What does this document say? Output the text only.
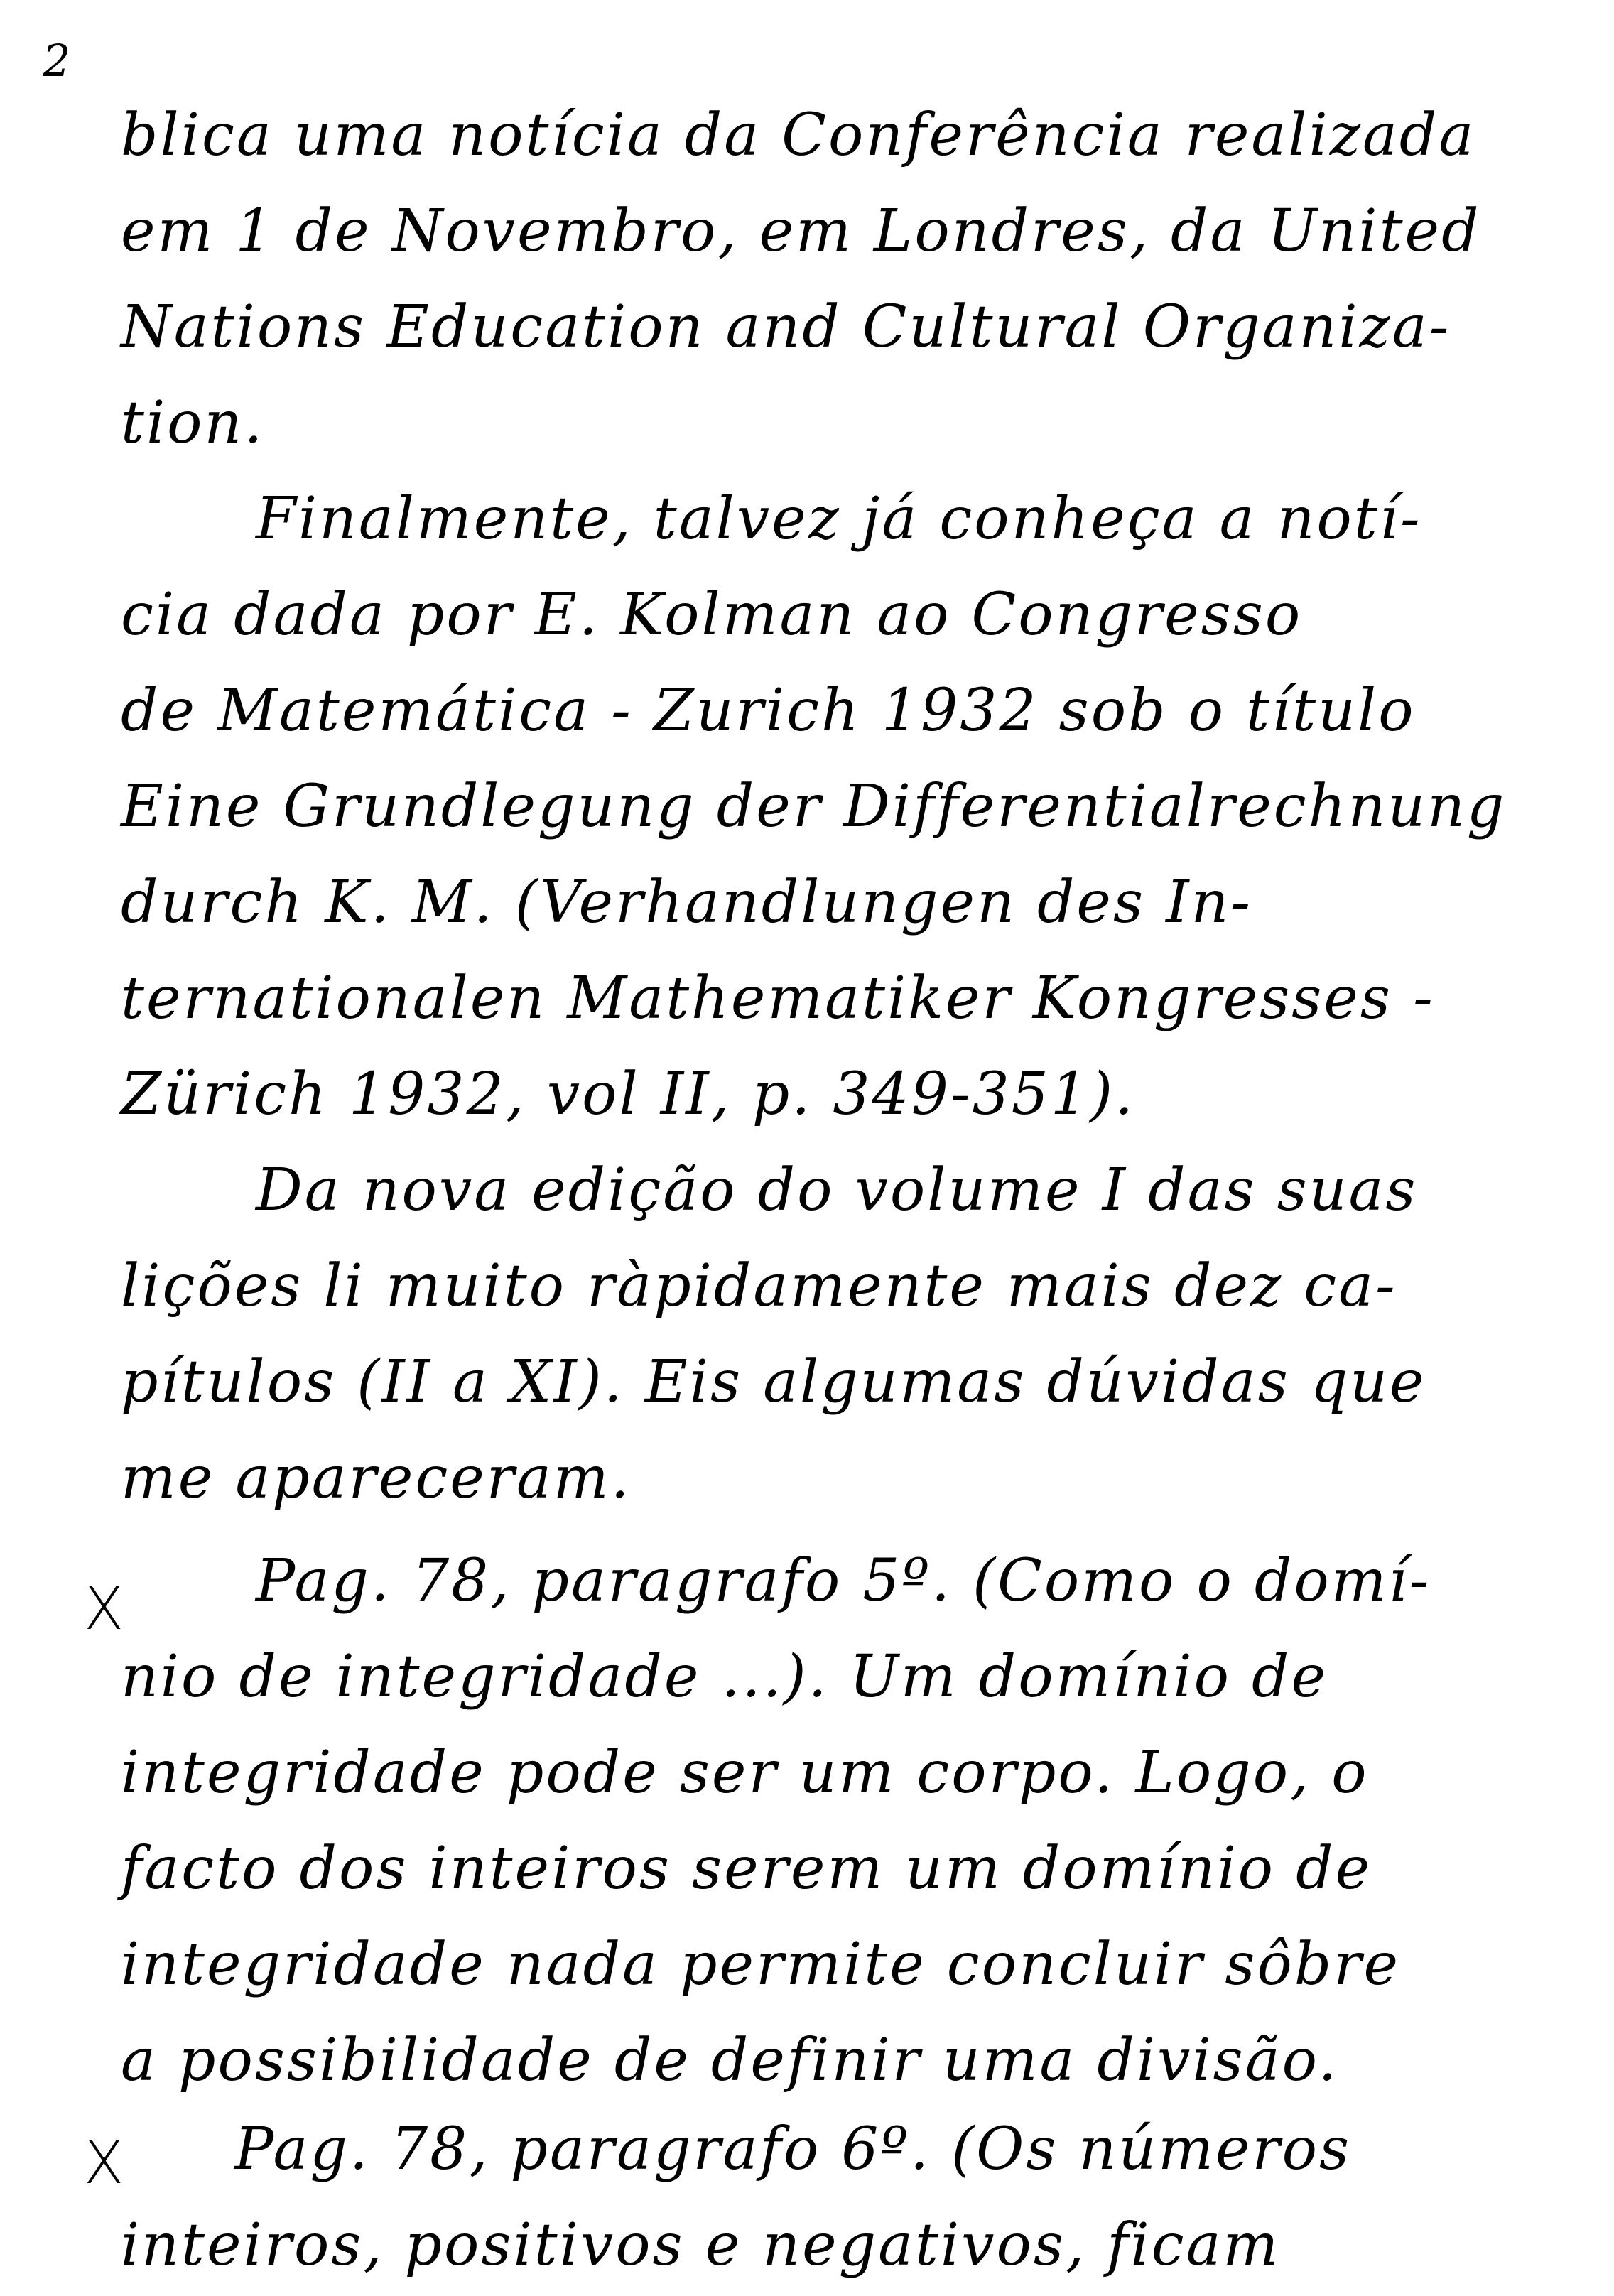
2
blica uma notícia da Conferência realizada
em 1 de Novembro, em Londres, da United
Nations Education and Cultural Organiza-
tion.
Finalmente, talvez já conheça a notí-
cia dada por E. Kolman ao Congresso
de Matemática - Zurich 1932 sob o título
Eine Grundlegung der Differentialrechnung
durch K. M. (Verhandlungen des In-
ternationalen Mathematiker Kongresses -
Zürich 1932, vol II, p. 349-351).
Da nova edição do volume I das suas
lições li muito ràpidamente mais dez ca-
pítulos (II a XI). Eis algumas dúvidas que
me apareceram.
X Pag. 78, paragrafo 5º. (Como o domí-
nio de integridade ...). Um domínio de
integridade pode ser um corpo. Logo, o
facto dos inteiros serem um domínio de
integridade nada permite concluir sôbre
a possibilidade de definir uma divisão.
X Pag. 78, paragrafo 6º. (Os números
inteiros, positivos e negativos, ficam
